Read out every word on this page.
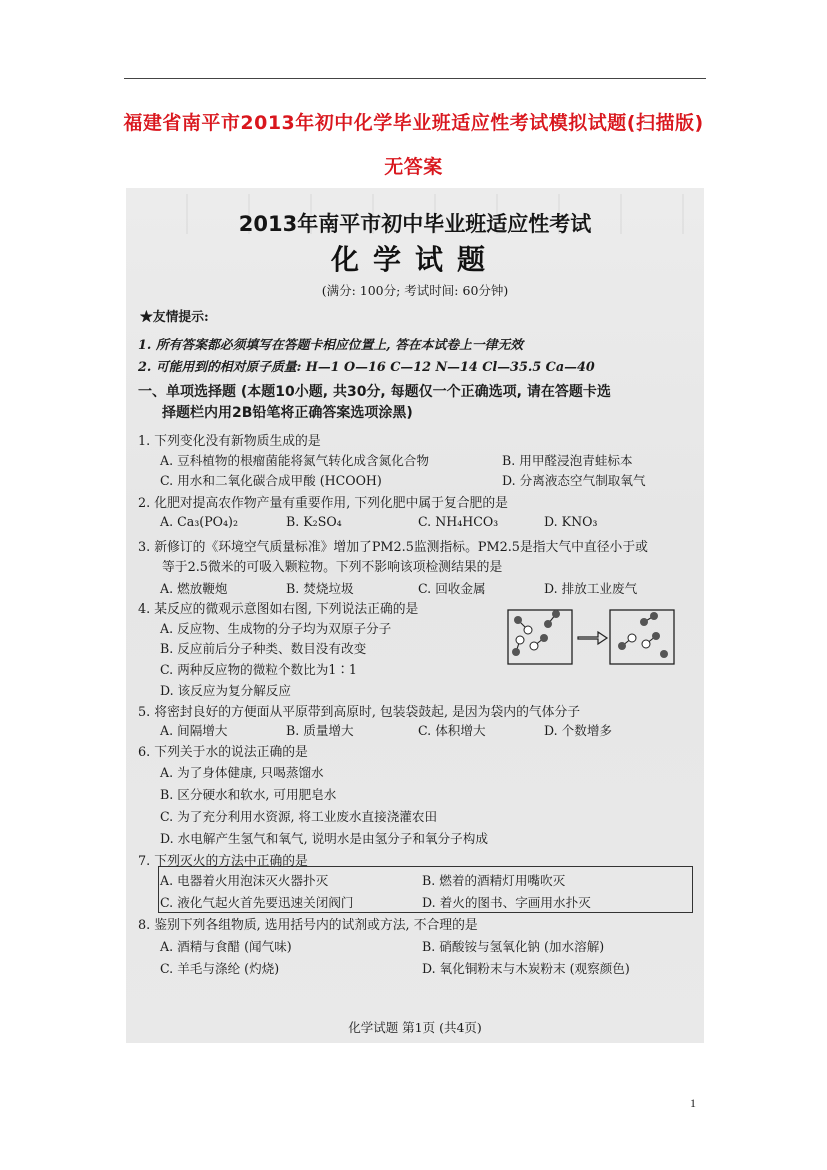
福建省南平市2013年初中化学毕业班适应性考试模拟试题(扫描版)
无答案
2013年南平市初中毕业班适应性考试
化学试题
(满分: 100分; 考试时间: 60分钟)
★友情提示:
1. 所有答案都必须填写在答题卡相应位置上, 答在本试卷上一律无效
2. 可能用到的相对原子质量: H—1 O—16 C—12 N—14 Cl—35.5 Ca—40
一、单项选择题 (本题10小题, 共30分, 每题仅一个正确选项, 请在答题卡选
择题栏内用2B铅笔将正确答案选项涂黑)
1. 下列变化没有新物质生成的是
A. 豆科植物的根瘤菌能将氮气转化成含氮化合物	B. 用甲醛浸泡青蛙标本
C. 用水和二氧化碳合成甲酸 (HCOOH)	D. 分离液态空气制取氧气
2. 化肥对提高农作物产量有重要作用, 下列化肥中属于复合肥的是
A. Ca₃(PO₄)₂	B. K₂SO₄	C. NH₄HCO₃	D. KNO₃
3. 新修订的《环境空气质量标准》增加了PM2.5监测指标。PM2.5是指大气中直径小于或
等于2.5微米的可吸入颗粒物。下列不影响该项检测结果的是
A. 燃放鞭炮	B. 焚烧垃圾	C. 回收金属	D. 排放工业废气
4. 某反应的微观示意图如右图, 下列说法正确的是
A. 反应物、生成物的分子均为双原子分子
B. 反应前后分子种类、数目没有改变
C. 两种反应物的微粒个数比为1∶1
D. 该反应为复分解反应
5. 将密封良好的方便面从平原带到高原时, 包装袋鼓起, 是因为袋内的气体分子
A. 间隔增大	B. 质量增大	C. 体积增大	D. 个数增多
6. 下列关于水的说法正确的是
A. 为了身体健康, 只喝蒸馏水
B. 区分硬水和软水, 可用肥皂水
C. 为了充分利用水资源, 将工业废水直接浇灌农田
D. 水电解产生氢气和氧气, 说明水是由氢分子和氧分子构成
7. 下列灭火的方法中正确的是
A. 电器着火用泡沫灭火器扑灭	B. 燃着的酒精灯用嘴吹灭
C. 液化气起火首先要迅速关闭阀门	D. 着火的图书、字画用水扑灭
8. 鉴别下列各组物质, 选用括号内的试剂或方法, 不合理的是
A. 酒精与食醋 (闻气味)	B. 硝酸铵与氢氧化钠 (加水溶解)
C. 羊毛与涤纶 (灼烧)	D. 氧化铜粉末与木炭粉末 (观察颜色)
化学试题 第1页 (共4页)
1
